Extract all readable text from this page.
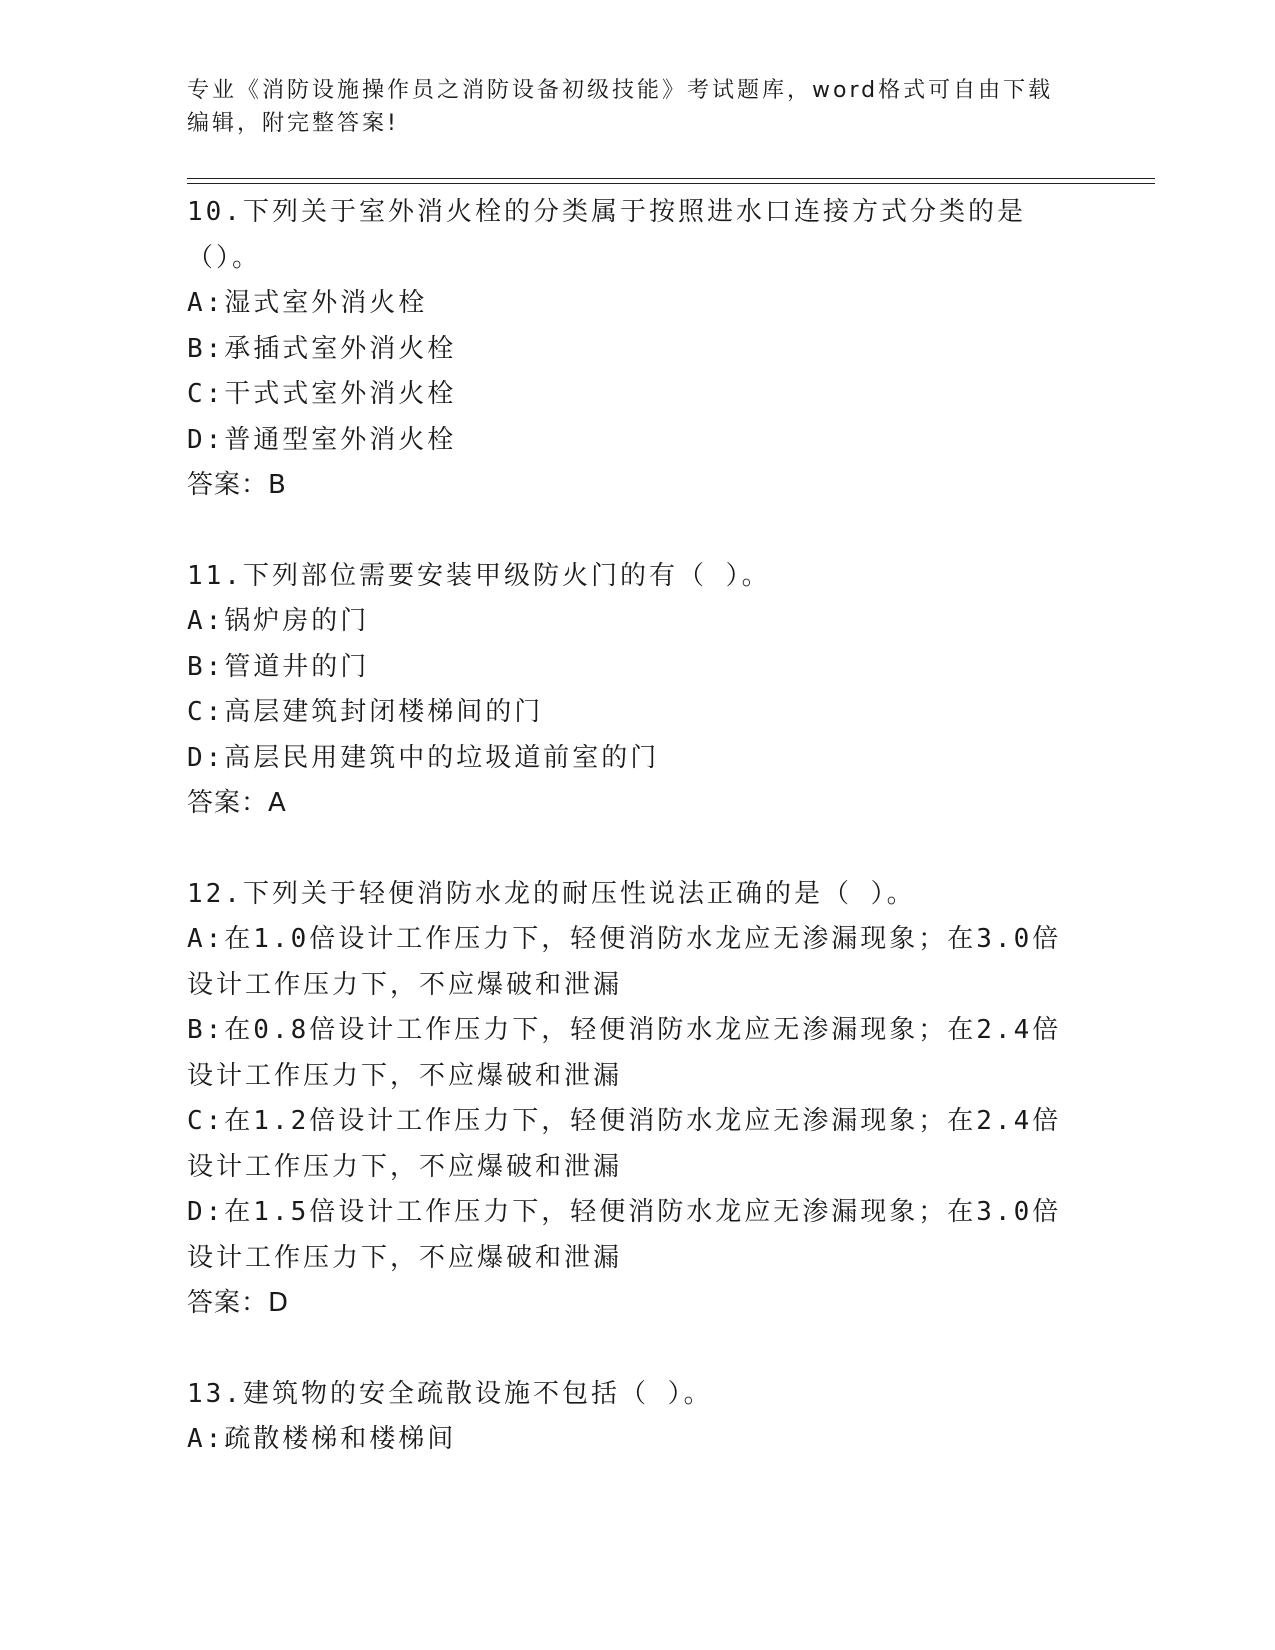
专业《消防设施操作员之消防设备初级技能》考试题库，word格式可自由下载编辑，附完整答案!

10.下列关于室外消火栓的分类属于按照进水口连接方式分类的是（）。

A:湿式室外消火栓

B:承插式室外消火栓

C:干式式室外消火栓

D:普通型室外消火栓

答案：B

11.下列部位需要安装甲级防火门的有（ ）。

A:锅炉房的门

B:管道井的门

C:高层建筑封闭楼梯间的门

D:高层民用建筑中的垃圾道前室的门

答案：A

12.下列关于轻便消防水龙的耐压性说法正确的是（ ）。

A:在1.0倍设计工作压力下，轻便消防水龙应无渗漏现象；在3.0倍设计工作压力下，不应爆破和泄漏

B:在0.8倍设计工作压力下，轻便消防水龙应无渗漏现象；在2.4倍设计工作压力下，不应爆破和泄漏

C:在1.2倍设计工作压力下，轻便消防水龙应无渗漏现象；在2.4倍设计工作压力下，不应爆破和泄漏

D:在1.5倍设计工作压力下，轻便消防水龙应无渗漏现象；在3.0倍设计工作压力下，不应爆破和泄漏

答案：D

13.建筑物的安全疏散设施不包括（ ）。

A:疏散楼梯和楼梯间
